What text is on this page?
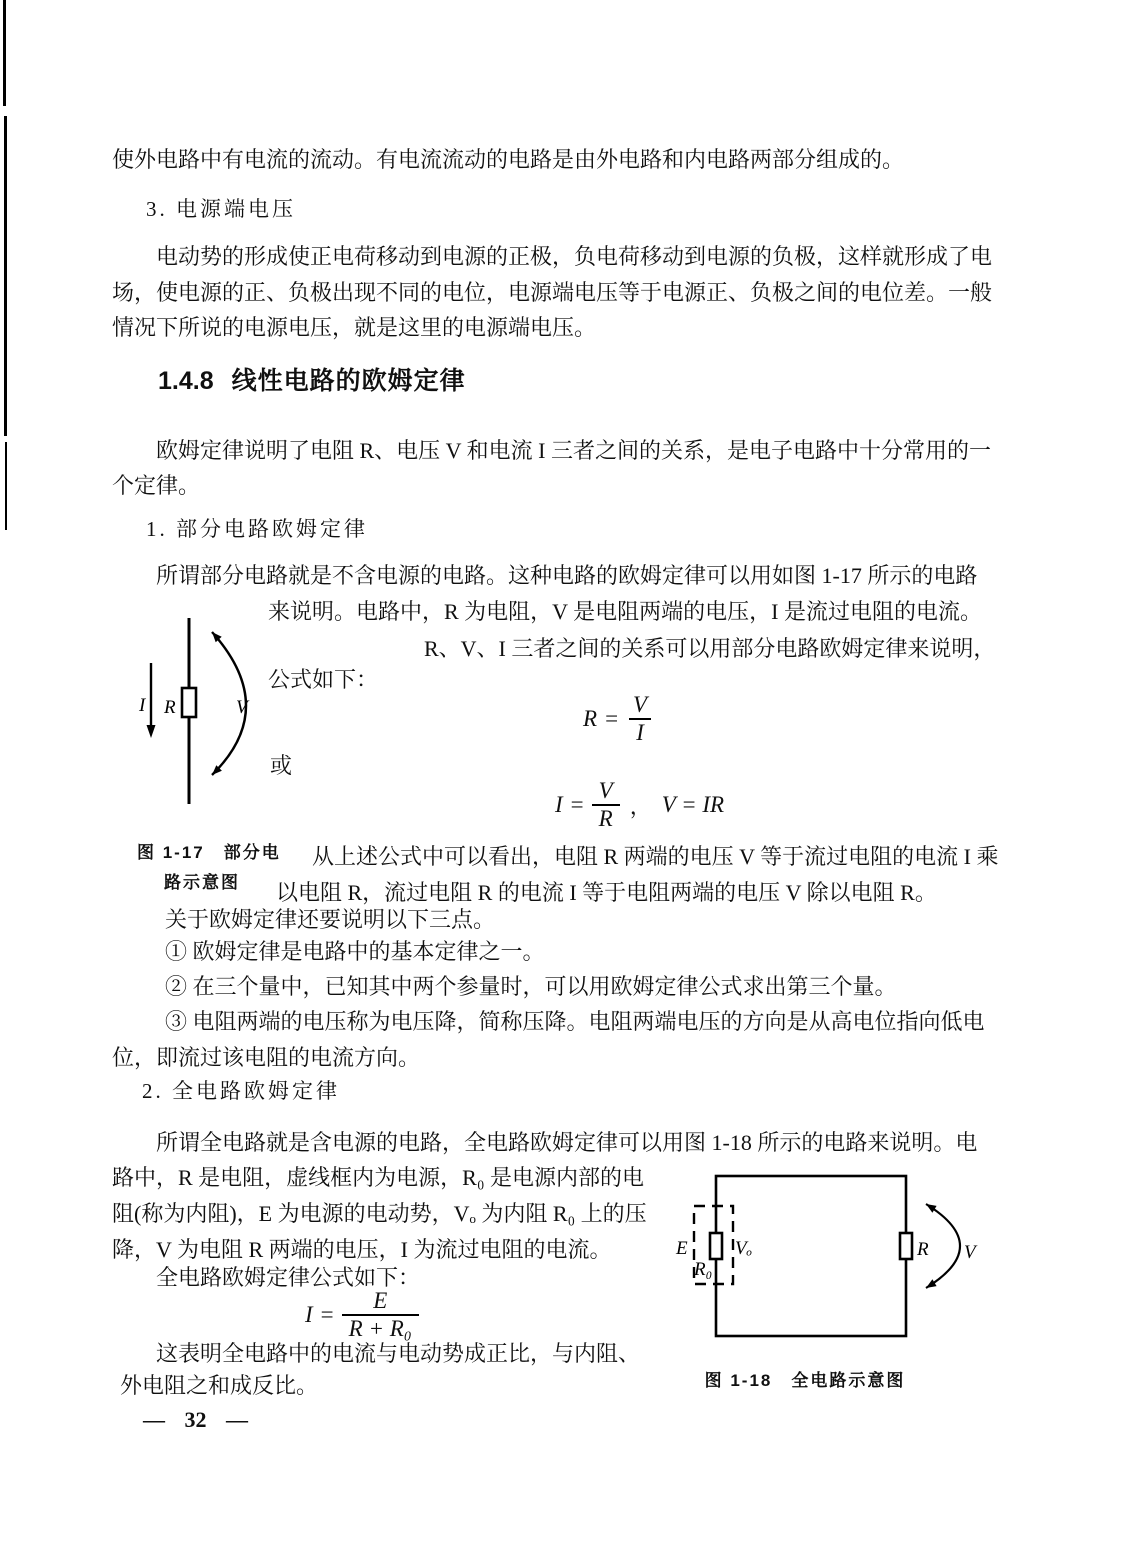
使外电路中有电流的流动。有电流流动的电路是由外电路和内电路两部分组成的。
3. 电源端电压
电动势的形成使正电荷移动到电源的正极，负电荷移动到电源的负极，这样就形成了电
场，使电源的正、负极出现不同的电位，电源端电压等于电源正、负极之间的电位差。一般
情况下所说的电源电压，就是这里的电源端电压。
1.4.8 线性电路的欧姆定律
欧姆定律说明了电阻 R、电压 V 和电流 I 三者之间的关系，是电子电路中十分常用的一
个定律。
1. 部分电路欧姆定律
所谓部分电路就是不含电源的电路。这种电路的欧姆定律可以用如图 1-17 所示的电路
来说明。电路中，R 为电阻，V 是电阻两端的电压，I 是流过电阻的电流。
R、V、I 三者之间的关系可以用部分电路欧姆定律来说明，
公式如下：
$R = \frac{V}{I}$
或
$I = \frac{V}{R}$ ， V = IR
I R	V
图 1-17　部分电
路示意图
从上述公式中可以看出，电阻 R 两端的电压 V 等于流过电阻的电流 I 乘
以电阻 R，流过电阻 R 的电流 I 等于电阻两端的电压 V 除以电阻 R。
关于欧姆定律还要说明以下三点。
① 欧姆定律是电路中的基本定律之一。
② 在三个量中，已知其中两个参量时，可以用欧姆定律公式求出第三个量。
③ 电阻两端的电压称为电压降，简称压降。电阻两端电压的方向是从高电位指向低电
位，即流过该电阻的电流方向。
2. 全电路欧姆定律
所谓全电路就是含电源的电路，全电路欧姆定律可以用图 1-18 所示的电路来说明。电
路中，R 是电阻，虚线框内为电源，R₀ 是电源内部的电
阻(称为内阻)，E 为电源的电动势，Vₒ 为内阻 R₀ 上的压
降，V 为电阻 R 两端的电压，I 为流过电阻的电流。
全电路欧姆定律公式如下：
$I = \frac{E}{\text{R + R₀}}$
这表明全电路中的电流与电动势成正比，与内阻、
外电阻之和成反比。
E Vₒ
R₀
R V
图 1-18　全电路示意图
— 32 —
